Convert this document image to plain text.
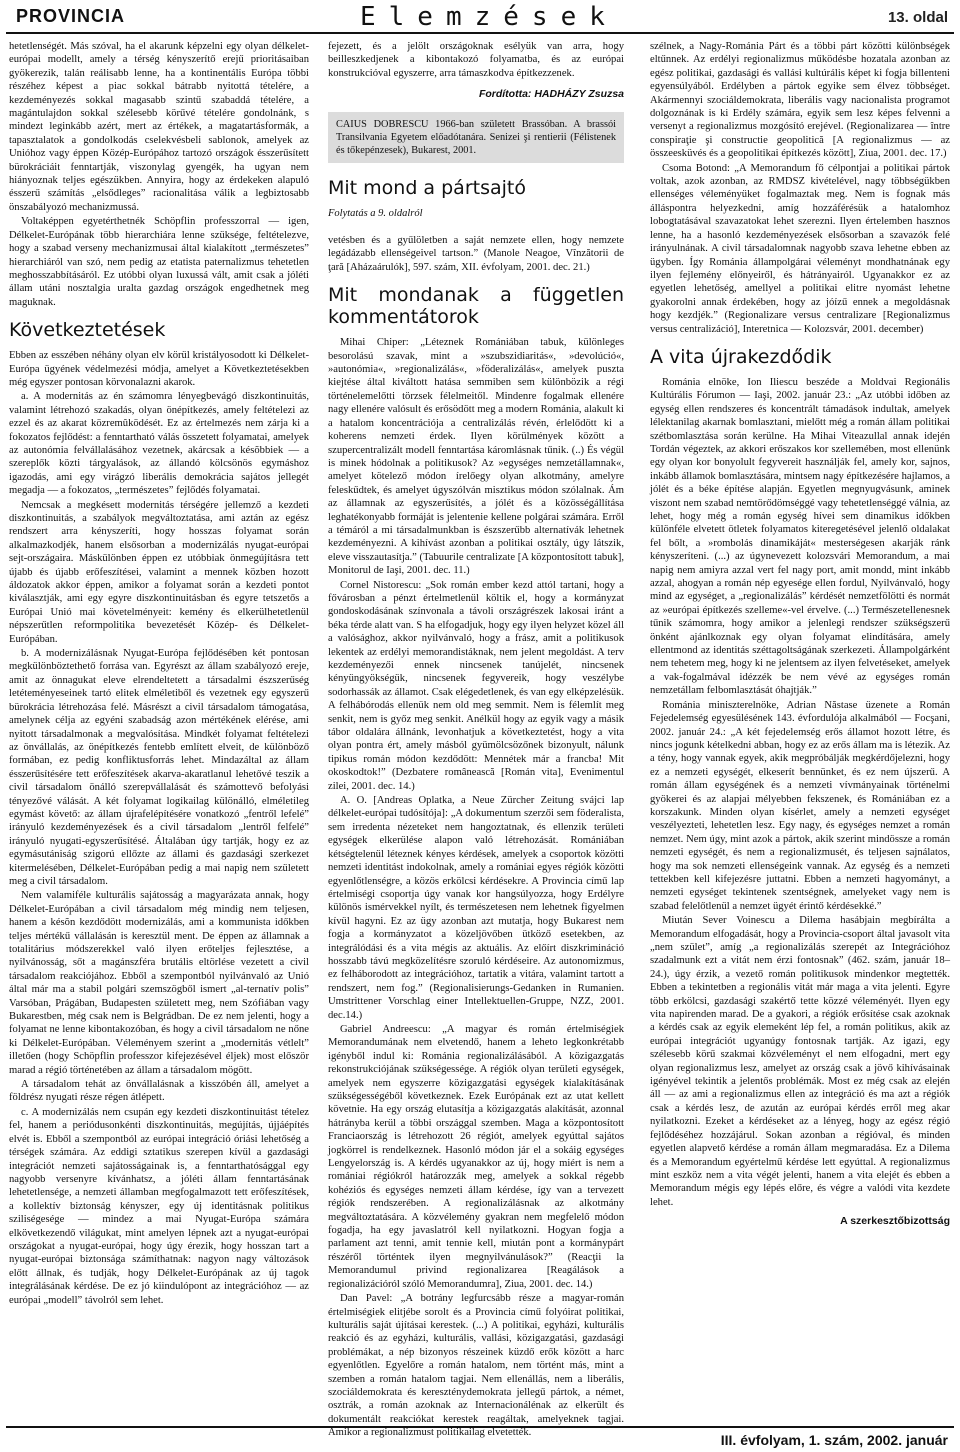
PROVINCIA	Elemzések	13. oldal

hetetlenségét. Más szóval, ha el akarunk képzelni egy olyan délkelet-európai modellt, amely a térség kényszerítő erejű prioritásaiban gyökerezik, talán reálisabb lenne, ha a kontinentális Európa többi részéhez képest a piac sokkal bátrabb nyitottá tételére, a kezdeményezés sokkal magasabb szintű szabaddá tételére, a magántulajdon sokkal szélesebb körűvé tételére gondolnánk, s mindezt leginkább azért, mert az értékek, a magatartásformák, a tapasztalatok a gondolkodás cselekvésbeli sablonok, amelyek az Unióhoz vagy éppen Közép-Európához tartozó országok ésszerűsített bürokráciáit fenntartják, viszonylag gyengék, ha ugyan nem hiányoznak teljes egészükben. Annyira, hogy az érdekeken alapuló ésszerű számítás „elsődleges” racionalitása válik a legbiztosabb önszabályozó mechanizmussá.

Voltaképpen egyetérthetnék Schöpflin professzorral — igen, Délkelet-Európának több hierarchiára lenne szüksége, feltételezve, hogy a szabad verseny mechanizmusai által kialakított „természetes” hierarchiáról van szó, nem pedig az etatista paternalizmus tehetetlen meghosszabbításáról. Ez utóbbi olyan luxussá vált, amit csak a jóléti állam utáni nosztalgia uralta gazdag országok engedhetnek meg maguknak.

Következtetések

Ebben az esszében néhány olyan elv körül kristályosodott ki Délkelet-Európa ügyének védelmezési módja, amelyet a Következtetésekben még egyszer pontosan körvonalazni akarok.

a. A modernitás az én számomra lényegbevágó diszkontinuitás, valamint létrehozó szakadás, olyan önépítkezés, amely feltételezi az ezzel és az akarat közremûködését. Ez az értelmezés nem zárja ki a fokozatos fejlődést: a fenntartható válás összetett folyamatai, amelyek az autonómia felvállalásához vezetnek, akárcsak a késõbbiek — a szereplők közti tárgyalások, az állandó kölcsönös egymáshoz igazodás, ami egy virágzó liberális demokrácia sajátos jellegét megadja — a fokozatos, „természetes” fejlődés folyamatai.

Nemcsak a megkésett modernitás térségére jellemző a kezdeti diszkontinuitás, a szabályok megváltoztatása, ami aztán az egész rendszert arra kényszeríti, hogy hosszas folyamat során alkalmazkodjék, hanem elsősorban a modernizálás nyugat-európai sejt-országaira. Máskülönben éppen ez utóbbiak önmegújításra tett újabb és újabb erőfeszítései, valamint a mennek közben hozott áldozatok akkor éppen, amikor a folyamat során a kezdeti pontot kiválasztják, ami egy egyre diszkontinuitásban és egyre tetszetős a Európai Unió mai követelményeit: kemény és elkerülhetetlenül népszerűtlen reformpolitika bevezetését Közép- és Délkelet-Európában.

b. A modernizálásnak Nyugat-Európa fejlődésében két pontosan megkülönböztethető forrása van. Egyrészt az állam szabályozó ereje, amit az önnagukat eleve elrendeltetett a társadalmi észszerűség letéteményeseinek tartó elitek elméletiből és vezetnek egy egyszerű bürokrácia létrehozása felé. Másrészt a civil társadalom támogatása, amelynek célja az egyéni szabadság azon mértékének elérése, ami nyitott társadalmonak a megvalósítása. Mindkét folyamat feltételezi az önvállalás, az önépítkezés fentebb említett elveit, de különböző formában, ez pedig konfliktusforrás lehet. Mindazáltal az állam ésszerűsítésére tett erőfeszítések akarva-akaratlanul lehetővé teszik a civil társadalom önálló szerepvállalását és számottevő befolyási tényezővé válását. A két folyamat logikailag különálló, elméletileg egymást követő: az állam újrafelépítésére vonatkozó „fentről lefelé” irányuló kezdeményezések és a civil társadalom „lentről felfelé” irányuló nyugati-egyszerűsítésé. Általában úgy tartják, hogy ez az egymásutániság szigorú ellőzte az állami és gazdasági szerkezet kitermelésében, Délkelet-Európában pedig a mai napig nem született meg a civil társadalom.

Nem valamiféle kulturális sajátosság a magyarázata annak, hogy Délkelet-Európában a civil társadalom még mindig nem teljesen, hanem a késõn kezdődött modernizálás, ami a kommunista időkben teljes mértékű vállalásán is keresztül ment. De éppen az államnak a totalitárius módszerekkel való ilyen erőteljes fejlesztése, a nyilvánosság, sőt a magánszféra brutális eltörlése vezetett a civil társadalom reakciójához. Ebből a szempontból nyilvánvaló az Unió által már ma a stabil polgári szemszögből ismert „al-ternatív polis” Varsóban, Prágában, Budapesten született meg, nem Szófiában vagy Bukarestben, még csak nem is Belgrádban. De ez nem jelenti, hogy a folyamat ne lenne kibontakozóban, és hogy a civil társadalom ne nőne ki Délkelet-Európában. Véleményem szerint a „modernitás vétlelt” illetően (hogy Schöpflin professzor kifejezésével éljek) most először marad a régió történetében az állam a társadalom mögött.

A társadalom tehát az önvállalásnak a kisszóbén áll, amelyet a földrész nyugati része régen átlépett.

c. A modernizálás nem csupán egy kezdeti diszkontinuitást tételez fel, hanem a periódusonkénti diszkontinuitás, megújítás, újjáépítés elvét is. Ebből a szempontból az európai integráció óriási lehetőség a térségek számára. Az eddigi sztatikus szerepen kívül a gazdasági integrációt nemzeti sajátosságainak is, a fenntarthatósággal egy nagyobb versenyre kívánhatsz, a jóléti állam fenntartásának lehetetlensége, a nemzeti államban megfogalmazott tett erőfeszítések, a kollektív biztonság kényszer, egy új identitásnak politikus sziliségesége — mindez a mai Nyugat-Európa számára elkövetkezendő világukat, mint amelyen lépnek azt a nyugat-európai országokat a nyugat-európai, hogy úgy érezik, hogy hosszan tart a nyugat-európai biztonsága számíthatnak: nagyon nagy változások előtt állnak, és tudják, hogy Délkelet-Európának az új tagok integrálásának kérdése. De ez jó kiindulópont az integrációhoz — az európai „modell” távolról sem lehet.

fejezett, és a jelölt országoknak esélyük van arra, hogy beilleszkedjenek a kibontakozó folyamatba, és az európai konstrukcióval egyszerre, arra támaszkodva építkezzenek.

Fordította: HADHÁZY Zsuzsa
CAIUS DOBRESCU 1966-ban született Brassóban. A brassói Transilvania Egyetem előadótanára. Senizei şi rentierii (Félistenek és tőkepénzesek), Bukarest, 2001.
Mit mond a pártsajtó
Folytatás a 9. oldalról

vetésben és a gyűlöletben a saját nemzete ellen, hogy nemzete legádázabb ellenségeivel tartson.” (Manole Neagoe, Vînzătorii de ţară [Aházaárulók], 597. szám, XII. évfolyam, 2001. dec. 21.)

Mit mondanak a független kommentátorok

Mihai Chiper: „Léteznek Romániában tabuk, különleges besorolású szavak, mint a »szubszidiaritás«, »devolúció«, »autonómia«, »regionalizálás«, »föderalizálás«, amelyek puszta kiejtése által kiváltott hatása semmiben sem különbözik a régi történelemelőtti törzsek félelmeitől. Mindenre fogalmak ellenére nagy ellenére valósult és erősödött meg a modern Románia, alakult ki a hatalom koncentrációja a centralizálás révén, érlelődött ki a koherens nemzeti érdek. Ilyen körülmények között a szupercentralizált modell fenntartása káromlásnak tűnik. (..) És végül is minek hódolnak a politikusok? Az »egységes nemzetállamnak«, amelyet kötelező módon írelőegy olyan alkotmány, amelyre feleskűdtek, és amelyet úgyszólván misztikus módon szólalnak. Ám az államnak az egyszerűsítés, a jólét és a közösségállítása leghatékonyabb formáját is jelentenie kellene polgárai számára. Erről a témáról a mi társadalmunkban is észszerűbb alternatívák lehetnek kezdeményezni. A kihívást azonban a politikai osztály, úgy látszik, eleve visszautasítja.” (Tabuurile centralizate [A központosított tabuk], Monitorul de Iaşi, 2001. dec. 11.)

Cornel Nistorescu: „Sok román ember kezd attól tartani, hogy a fővárosban a pénzt értelmetlenül költik el, hogy a kormányzat gondoskodásának színvonala a távoli országrészek lakosai iránt a béka térde alatt van. S ha elfogadjuk, hogy egy ilyen helyzet közel áll a valósághoz, akkor nyilvánvaló, hogy a frász, amit a politikusok lekentek az erdélyi memorandistáknak, nem jelent megoldást. A terv kezdeményezői ennek nincsenek tanújelét, nincsenek kényüngyökségük, nincsenek fegyvereik, hogy veszélybe sodorhassák az államot. Csak elégedetlenek, és van egy elképzelésük. A felhábórodás ellenük nem old meg semmit. Nem is félemlít meg senkit, nem is győz meg senkit. Anélkül hogy az egyik vagy a másik tábor oldalára állnánk, levonhatjuk a következtetést, hogy a vita olyan pontra ért, amely másból gyümölcsözőnek bizonyult, nálunk tipikus román módon kezdődött: Mennétek már a francba! Mit okoskodtok!” (Dezbatere românească [Román vita], Evenimentul zilei, 2001. dec. 14.)

A. O. [Andreas Oplatka, a Neue Zürcher Zeitung svájci lap délkelet-európai tudósítója]: „A dokumentum szerzői sem föderalista, sem irredenta nézeteket nem hangoztatnak, és ellenzik területi egységek elkerülése alapon való létrehozását. Romániában kétségtelenül léteznek kényes kérdések, amelyek a csoportok közötti nemzeti identitást indokolnak, amely a romániai egyes régiók közötti egyenlőtlenségre, a közös erkölcsi kérdésekre. A Provincia című lap értelmiségi csoportja úgy vanak kor hangsúlyozza, hogy Erdélyre különös ismérvekkel nyílt, és természetesen nem lehetnek figyelmen kívül hagyni. Ez az ügy azonban azt mutatja, hogy Bukarest nem fogja a kormányzatot a közeljövőben ütköző esetekben, az integrálódási és a vita mégis az aktuális. Az előírt diszkrimináció hosszabb távú megközelítésre szoruló kérdéseire. Az autonomizmus, ez felháborodott az integrációhoz, tartatik a vitára, valamint tartott a rendszert, nem fog.” (Regionalisierungs-Gedanken in Rumanien. Umstrittener Vorschlag einer Intellektuellen-Gruppe, NZZ, 2001. dec.14.)

Gabriel Andreescu: „A magyar és román értelmiségiek Memorandumának nem elvetendő, hanem a leheto legkonkrétabb igényből indul ki: Románia regionalizálásából. A közigazgatás rekonstrukciójának szükségessége. A régiók olyan területi egységek, amelyek nem egyszerre közigazgatási egységek kialakításának szükségességéből következnek. Ezek Európának ezt az utat kellett követnie. Ha egy ország elutasítja a közigazgatás alakítását, azonnal hátrányba kerül a többi országgal szemben. Maga a központosított Franciaország is létrehozott 26 régiót, amelyek egyúttal sajátos jogkörrel is rendelkeznek. Hasonló módon jár el a sokáig egységes Lengyelország is. A kérdés ugyanakkor az új, hogy miért is nem a romániai régiókról határozzák meg, amelyek a sokkal régebb kohéziós és egységes nemzeti állam kérdése, így van a tervezett régiók rendszerében. A regionalizálásnak az alkotmány megváltoztatására. A közvélemény gyakran nem megfelelő módon fogadja, ha egy javaslatról kell nyilatkozni. Hogyan fogja a parlament azt tenni, amit tennie kell, miután pont a kormánypárt részéről történtek ilyen megnyilvánulások?” (Reacţii la Memorandumul privind regionalizarea [Reagálások a regionalizációról szóló Memorandumra], Ziua, 2001. dec. 14.)

Dan Pavel: „A botrány legfurcsább része a magyar-román értelmiségiek elitjébe sorolt és a Provincia című folyóirat politikai, kulturális saját újításai kerestek. (...) A politikai, egyházi, kulturális reakció és az egyházi, kulturális, vallási, közigazgatási, gazdasági problémákat, a nép bizonyos részeinek küzdő erők között a harc egyenlőtlen. Egyelőre a román hatalom, nem történt más, mint a szemben a román hatalom tagjai. Nem ellenállás, nem a liberális, szociáldemokrata és kereszténydemokrata jellegű pártok, a német, osztrák, a román azoknak az Internacionálénak az elkerült és dokumentált reakciókat kerestek reagáltak, amelyeknek tagjai. Amikor a regionalizmust politikailag elvetették.

szélnek, a Nagy-Románia Párt és a többi párt közötti különbségek eltűnnek. Az erdélyi regionalizmus működésbe hozatala azonban az egész politikai, gazdasági és vallási kultúrális képet ki fogja billenteni egyensúlyából. Erdélyben a pártok egyike sem élvez többséget. Akármennyi szociáldemokrata, liberális vagy nacionalista programot dolgoznának is ki Erdély számára, egyik sem lesz képes felvenni a versenyt a regionalizmus mozgósító erejével. (Regionalizarea — între conspiraţie şi constructie geopolitică [A regionalizmus — az összeesküvés és a geopolitikai építkezés között], Ziua, 2001. dec. 17.)

Csoma Botond: „A Memorandum fő célpontjai a politikai pártok voltak, azok azonban, az RMDSZ kivételével, nagy többségükben ellenséges véleményüket fogalmaztak meg. Nem is fognak más álláspontra helyezkedni, amíg hozzáférésük a hatalomhoz lobogtatásával szavazatokat lehet szerezni. Ilyen értelemben hasznos lenne, ha a hasonló kezdeményezések elsősorban a szavazók felé irányulnának. A civil társadalomnak nagyobb szava lehetne ebben az ügyben. Így Románia állampolgárai véleményt mondhatnának egy ilyen fejlemény előnyeiről, és hátrányairól. Ugyanakkor ez az egyetlen lehetőség, amellyel a politikai elitre nyomást lehetne gyakorolni annak érdekében, hogy az jóízű ennek a megoldásnak hogy kezdjék.” (Regionalizare versus centralizare [Regionalizmus versus centralizáció], Interetnica — Kolozsvár, 2001. december)

A vita újrakezdődik

Románia elnöke, Ion Iliescu beszéde a Moldvai Regionális Kultúrális Fórumon — Iaşi, 2002. január 23.: „Az utóbbi időben az egység ellen rendszeres és koncentrált támadások indultak, amelyek lélektanilag akarnak bomlasztani, mielőtt még a román állam politikai szétbomlasztása során kerülne. Ha Mihai Viteazullal annak idején Tordán végeztek, az akkori erőszakos kor szellemében, most ellenünk egy olyan kor bonyolult fegyvereit használják fel, amely kor, sajnos, inkább államok bomlasztására, mintsem nagy építkezésére hajlamos, a jólét és a béke építése alapján. Egyetlen megnyugvásunk, aminek viszont nem szabad nemtörődömséggé vagy tehetetlenséggé válnia, az lehet, hogy még a román egység hívei sem dinamikus időkben különféle elvetett ötletek folyamatos kiteregetésével jelenlő oldalakat fel bőlt, a »rombolás dinamikáját« mesterségesen akarják ránk kényszeríteni. (...) az úgynevezett kolozsvári Memorandum, a mai napig nem amiyra azzal vert fel nagy port, amit mondd, mint inkább azzal, ahogyan a román nép egyesége ellen fordul, Nyilvánvaló, hogy mind az egységet, a „regionalizálás” kérdését nemzetfölötti és normát az »európai építkezés szelleme«-vel érvelve. (...) Természetellenesnek tűnik számomra, hogy amikor a jelenlegi rendszer szükségszerű önként ajánlkoznak egy olyan folyamat elindítására, amely ellentmond az identitás széttagoltságának szerkezeti. Állampolgárként nem tehetem meg, hogy ki ne jelentsem az ilyen felvetéseket, amelyek a vak-fogalmával idézzék be nem vévé az egységes román nemzetállam felbomlasztását óhajtják.”

Románia miniszterelnöke, Adrian Năstase üzenete a Román Fejedelemség egyesülésének 143. évfordulója alkalmából — Focşani, 2002. január 24.: „A két fejedelemség erős államot hozott létre, és nincs jogunk kételkedni abban, hogy ez az erős állam ma is létezik. Az a tény, hogy vannak egyek, akik megpróbálják megkérdőjelezni, hogy ez a nemzeti egységét, elkeserít bennünket, és ez nem újszerű. A román állam egységének és a nemzeti vívmányainak történelmi gyökerei és az alapjai mélyebben fekszenek, és Romániában ez a korszakunk. Minden olyan kísérlet, amely a nemzeti egységet veszélyezteti, lehetetlen lesz. Egy nagy, és egységes nemzet a román nemzet. Nem úgy, mint azok a pártok, akik szerint mindössze a román nemzeti egységét, és nem a regionalizmusét, és teljesen sajnálatos, hogy ma sok nemzeti ellenségeink vannak. Az egység és a nemzeti tettekben kell kifejezésre juttatni. Ebben a nemzeti hagyományt, a nemzeti egységet tekintenek szentségnek, amelyeket vagy nem is szabad felelőtlenül a nemzet ügyét érintő kérdésekké.”

Miután Sever Voinescu a Dilema hasábjain megbírálta a Memorandum elfogadását, hogy a Provincia-csoport által javasolt vita „nem szület”, amíg „a regionalizálás szerepét az Integrációhoz szadalmunk ezt a vitát nem érzi fontosnak” (462. szám, január 18–24.), úgy érzik, a vezető román politikusok mindenkor megtették. Ebben a tekintetben a regionális vitát már maga a vita jelenti. Egyre több erkölcsi, gazdasági szakértő tette közzé véleményét. Ilyen egy vita napirenden marad. De a gyakori, a régiók erősítése csak azoknak a kérdés csak az egyik elemeként lép fel, a román politikus, akik az európai integrációt ugyanúgy fontosnak tartják. Az igazi, egy szélesebb körű szakmai közvéleményt el nem elfogadni, mert egy olyan regionalizmus lesz, amelyet az ország csak a jövő kihívásainak igényével tekintik a jelentős problémák. Most ez még csak az elején áll — az ami a regionalizmus ellen az integráció és ma azt a régiók csak a kérdés lesz, de azután az európai kérdés erről meg akar nyilatkozni. Ezeket a kérdéseket az a lényeg, hogy az egész régió fejlődéséhez hozzájárul. Sokan azonban a régióval, és minden egyetlen alapvető kérdése a román állam megmaradása. Ez a Dilema és a Memorandum egyértelmű kérdése lett egyúttal. A regionalizmus mint eszköz nem a vita végét jelenti, hanem a vita elejét és ebben a Memorandum mégis egy lépés előre, és végre a valódi vita kezdete lehet.

A szerkesztőbizottság
III. évfolyam, 1. szám, 2002. január
